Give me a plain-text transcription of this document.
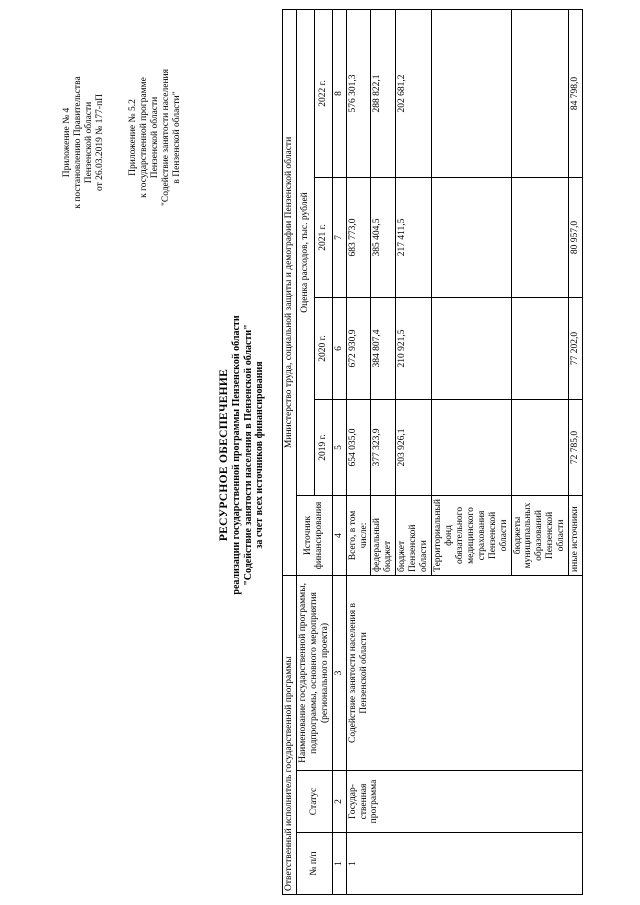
Приложение № 4 к постановлению Правительства Пензенской области от 26.03.2019 № 177-пП Приложение № 5.2 к государственной программе Пензенской области "Содействие занятости населения в Пензенской области"
РЕСУРСНОЕ ОБЕСПЕЧЕНИЕ реализации государственной программы Пензенской области "Содействие занятости населения в Пензенской области" за счет всех источников финансирования
Ответственный исполнитель государственной программы			Министерство труда, социальной защиты и демографии Пензенской области				
№ п/п	Статус	Наименование государственной программы, подпрограммы, основного мероприятия (регионального проекта)	Источник финансирования	Оценка расходов, тыс. рублей			
				2019 г.	2020 г.	2021 г.	2022 г.
1	2	3	4	5	6	7	8
1	Государ-ственная программа	Содействие занятости населения в Пензенской области	Всего, в том числе:	654 035,0	672 930,9	683 773,0	576 301,3
			федеральный бюджет	377 323,9	384 807,4	385 404,5	288 822,1
			бюджет Пензенской области	203 926,1	210 921,5	217 411,5	202 681,2
			Территориальный фонд обязательного медицинского страхования Пензенской области				
			бюджеты муниципальных образований Пензенской области				
			иные источники	72 785,0	77 202,0	80 957,0	84 798,0
